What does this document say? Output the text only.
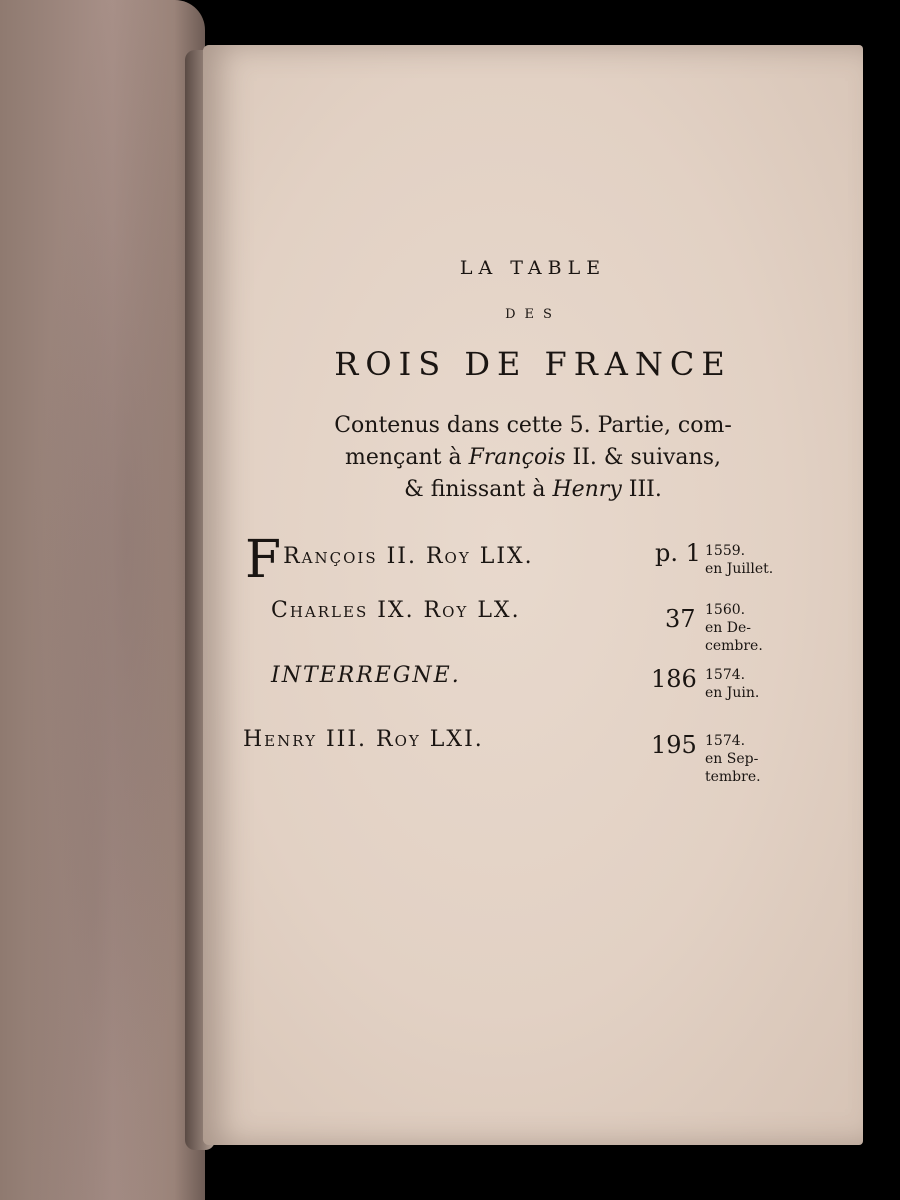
LA TABLE
DES
ROIS DE FRANCE
Contenus dans cette 5. Partie, com-
mençant à François II. & suivans,
& finissant à Henry III.
FRançois II. Roy LIX.	p. 1 1559.
en Juillet.
Charles IX. Roy LX.	37 1560.
en De-
cembre.
INTERREGNE.	186 1574.
en Juin.
Henry III. Roy LXI.	195 1574.
en Sep-
tembre.
